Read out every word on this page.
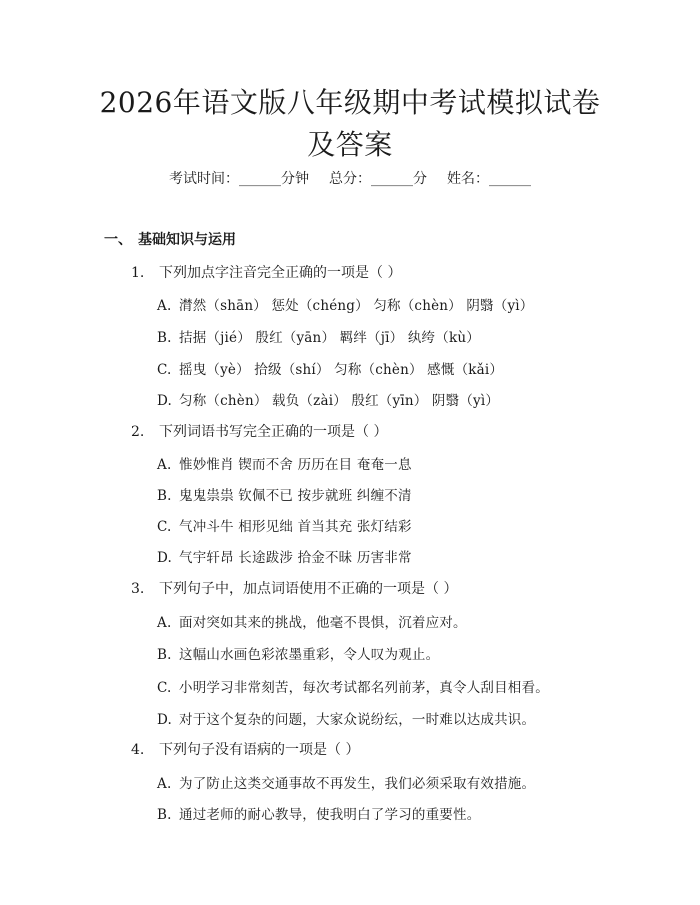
2026年语文版八年级期中考试模拟试卷及答案
考试时间：______分钟 总分：______分 姓名：______
一、 基础知识与运用
1. 下列加点字注音完全正确的一项是（ ）
A. 潸然（shān） 惩处（chéng） 匀称（chèn） 阴翳（yì）
B. 拮据（jié） 殷红（yān） 羁绊（jī） 纨绔（kù）
C. 摇曳（yè） 拾级（shí） 匀称（chèn） 感慨（kǎi）
D. 匀称（chèn） 载负（zài） 殷红（yīn） 阴翳（yì）
2. 下列词语书写完全正确的一项是（ ）
A. 惟妙惟肖 锲而不舍 历历在目 奄奄一息
B. 鬼鬼祟祟 钦佩不已 按步就班 纠缠不清
C. 气冲斗牛 相形见绌 首当其充 张灯结彩
D. 气宇轩昂 长途跋涉 拾金不昧 历害非常
3. 下列句子中，加点词语使用不正确的一项是（ ）
A. 面对突如其来的挑战，他毫不畏惧，沉着应对。
B. 这幅山水画色彩浓墨重彩，令人叹为观止。
C. 小明学习非常刻苦，每次考试都名列前茅，真令人刮目相看。
D. 对于这个复杂的问题，大家众说纷纭，一时难以达成共识。
4. 下列句子没有语病的一项是（ ）
A. 为了防止这类交通事故不再发生，我们必须采取有效措施。
B. 通过老师的耐心教导，使我明白了学习的重要性。
